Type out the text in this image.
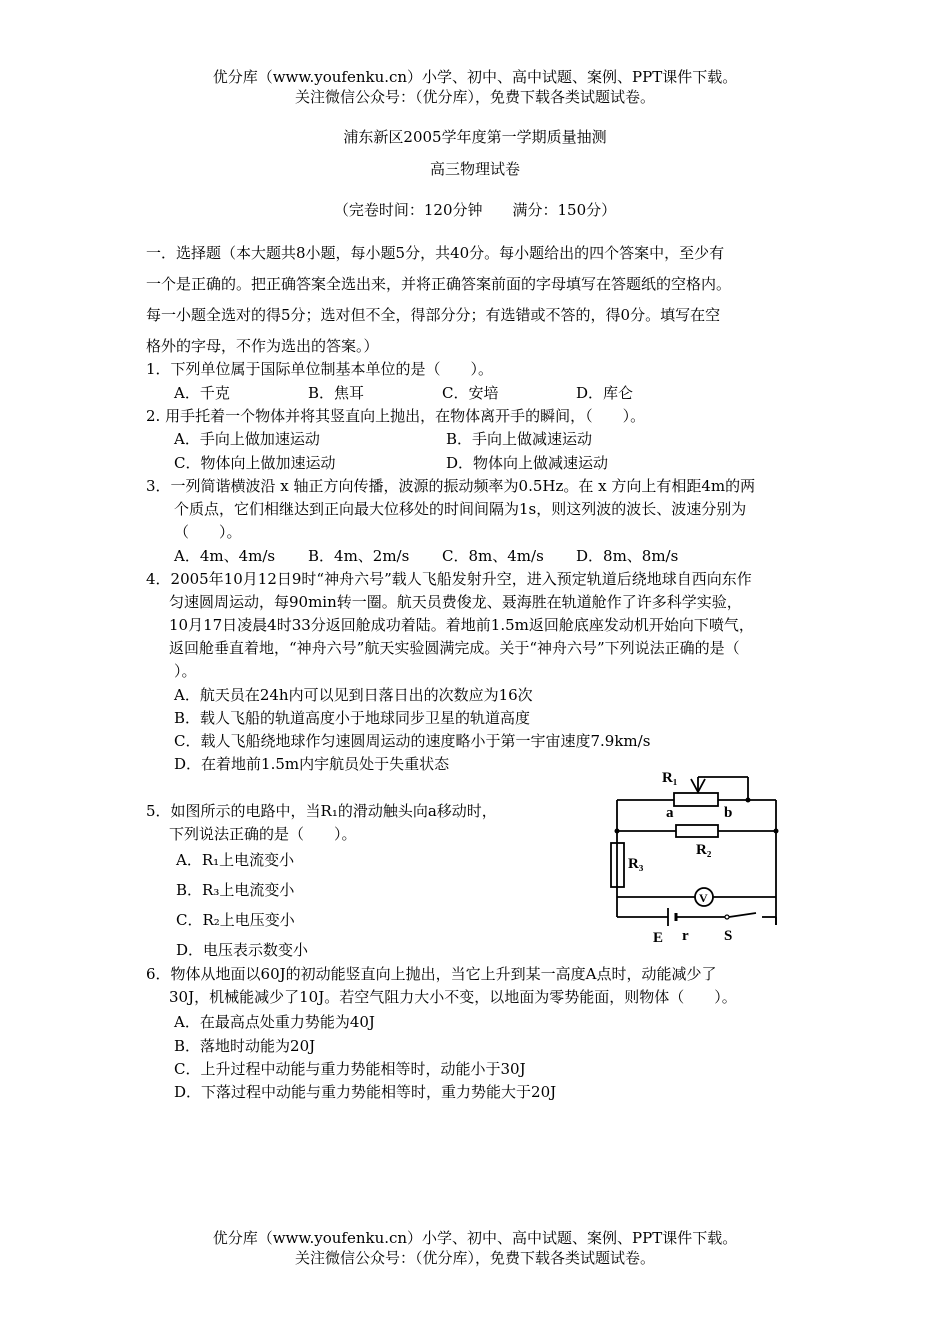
优分库（www.youfenku.cn）小学、初中、高中试题、案例、PPT课件下载。
关注微信公众号：（优分库），免费下载各类试题试卷。
浦东新区2005学年度第一学期质量抽测
高三物理试卷
（完卷时间：120分钟　　满分：150分）
一．选择题（本大题共8小题，每小题5分，共40分。每小题给出的四个答案中，至少有
一个是正确的。把正确答案全选出来，并将正确答案前面的字母填写在答题纸的空格内。
每一小题全选对的得5分；选对但不全，得部分分；有选错或不答的，得0分。填写在空
格外的字母，不作为选出的答案。）
1．下列单位属于国际单位制基本单位的是（　　）。
A．千克	B．焦耳	C．安培	D．库仑
2. 用手托着一个物体并将其竖直向上抛出，在物体离开手的瞬间，（　　）。
A．手向上做加速运动	B．手向上做减速运动
C．物体向上做加速运动	D．物体向上做减速运动
3．一列简谐横波沿 x 轴正方向传播，波源的振动频率为0.5Hz。在 x 方向上有相距4m的两
个质点，它们相继达到正向最大位移处的时间间隔为1s，则这列波的波长、波速分别为
（　　）。
A．4m、4m/s B．4m、2m/s C．8m、4m/s D．8m、8m/s
4．2005年10月12日9时“神舟六号”载人飞船发射升空，进入预定轨道后绕地球自西向东作
匀速圆周运动，每90min转一圈。航天员费俊龙、聂海胜在轨道舱作了许多科学实验，
10月17日凌晨4时33分返回舱成功着陆。着地前1.5m返回舱底座发动机开始向下喷气，
返回舱垂直着地，“神舟六号”航天实验圆满完成。关于“神舟六号”下列说法正确的是（
）。
A．航天员在24h内可以见到日落日出的次数应为16次
B．载人飞船的轨道高度小于地球同步卫星的轨道高度
C．载人飞船绕地球作匀速圆周运动的速度略小于第一宇宙速度7.9km/s
D．在着地前1.5m内宇航员处于失重状态
5．如图所示的电路中，当R₁的滑动触头向a移动时，
下列说法正确的是（　　）。
A．R₁上电流变小
B．R₃上电流变小
C．R₂上电压变小
D．电压表示数变小
R₁
a	b
R₂
R₃
V
E r S
6．物体从地面以60J的初动能竖直向上抛出，当它上升到某一高度A点时，动能减少了
30J，机械能减少了10J。若空气阻力大小不变，以地面为零势能面，则物体（　　）。
A．在最高点处重力势能为40J
B．落地时动能为20J
C．上升过程中动能与重力势能相等时，动能小于30J
D．下落过程中动能与重力势能相等时，重力势能大于20J
优分库（www.youfenku.cn）小学、初中、高中试题、案例、PPT课件下载。
关注微信公众号：（优分库），免费下载各类试题试卷。
